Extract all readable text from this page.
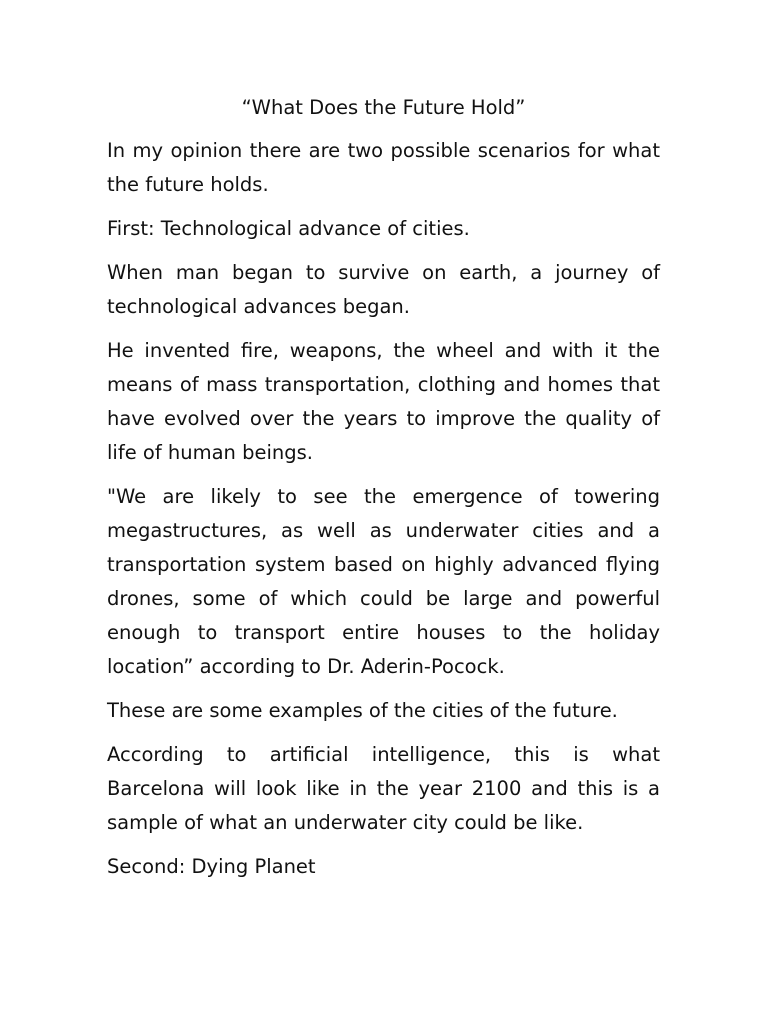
“What Does the Future Hold”

In my opinion there are two possible scenarios for what the future holds.

First: Technological advance of cities.

When man began to survive on earth, a journey of technological advances began.

He invented fire, weapons, the wheel and with it the means of mass transportation, clothing and homes that have evolved over the years to improve the quality of life of human beings.

"We are likely to see the emergence of towering megastructures, as well as underwater cities and a transportation system based on highly advanced flying drones, some of which could be large and powerful enough to transport entire houses to the holiday location” according to Dr. Aderin-Pocock.

These are some examples of the cities of the future.

According to artificial intelligence, this is what Barcelona will look like in the year 2100 and this is a sample of what an underwater city could be like.

Second: Dying Planet
